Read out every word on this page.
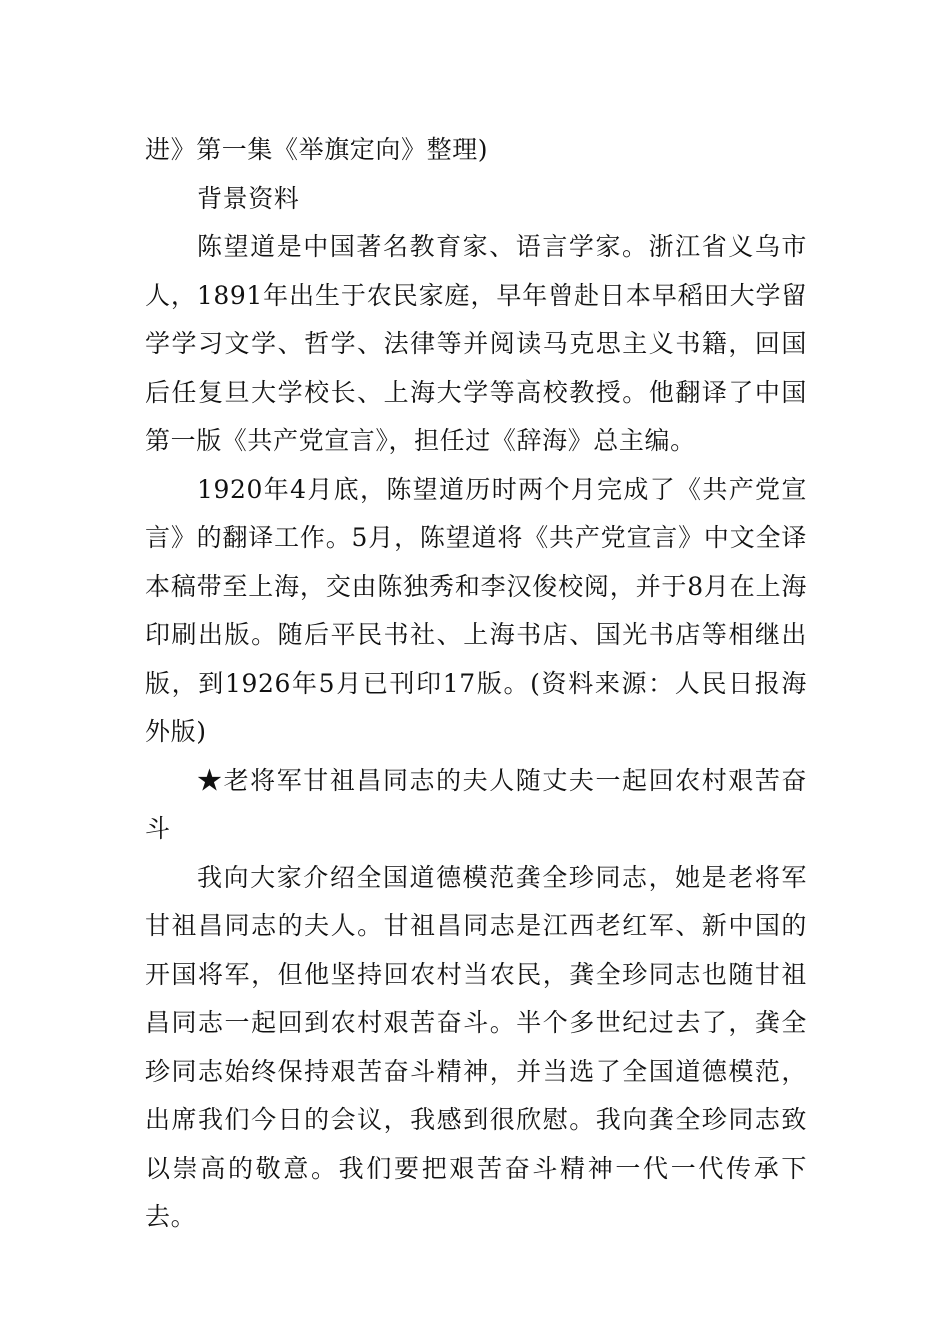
进》第一集《举旗定向》整理)

背景资料

陈望道是中国著名教育家、语言学家。浙江省义乌市人，1891年出生于农民家庭，早年曾赴日本早稻田大学留学学习文学、哲学、法律等并阅读马克思主义书籍，回国后任复旦大学校长、上海大学等高校教授。他翻译了中国第一版《共产党宣言》，担任过《辞海》总主编。

1920年4月底，陈望道历时两个月完成了《共产党宣言》的翻译工作。5月，陈望道将《共产党宣言》中文全译本稿带至上海，交由陈独秀和李汉俊校阅，并于8月在上海印刷出版。随后平民书社、上海书店、国光书店等相继出版，到1926年5月已刊印17版。(资料来源：人民日报海外版)

★老将军甘祖昌同志的夫人随丈夫一起回农村艰苦奋斗

我向大家介绍全国道德模范龚全珍同志，她是老将军甘祖昌同志的夫人。甘祖昌同志是江西老红军、新中国的开国将军，但他坚持回农村当农民，龚全珍同志也随甘祖昌同志一起回到农村艰苦奋斗。半个多世纪过去了，龚全珍同志始终保持艰苦奋斗精神，并当选了全国道德模范，出席我们今日的会议，我感到很欣慰。我向龚全珍同志致以崇高的敬意。我们要把艰苦奋斗精神一代一代传承下去。
